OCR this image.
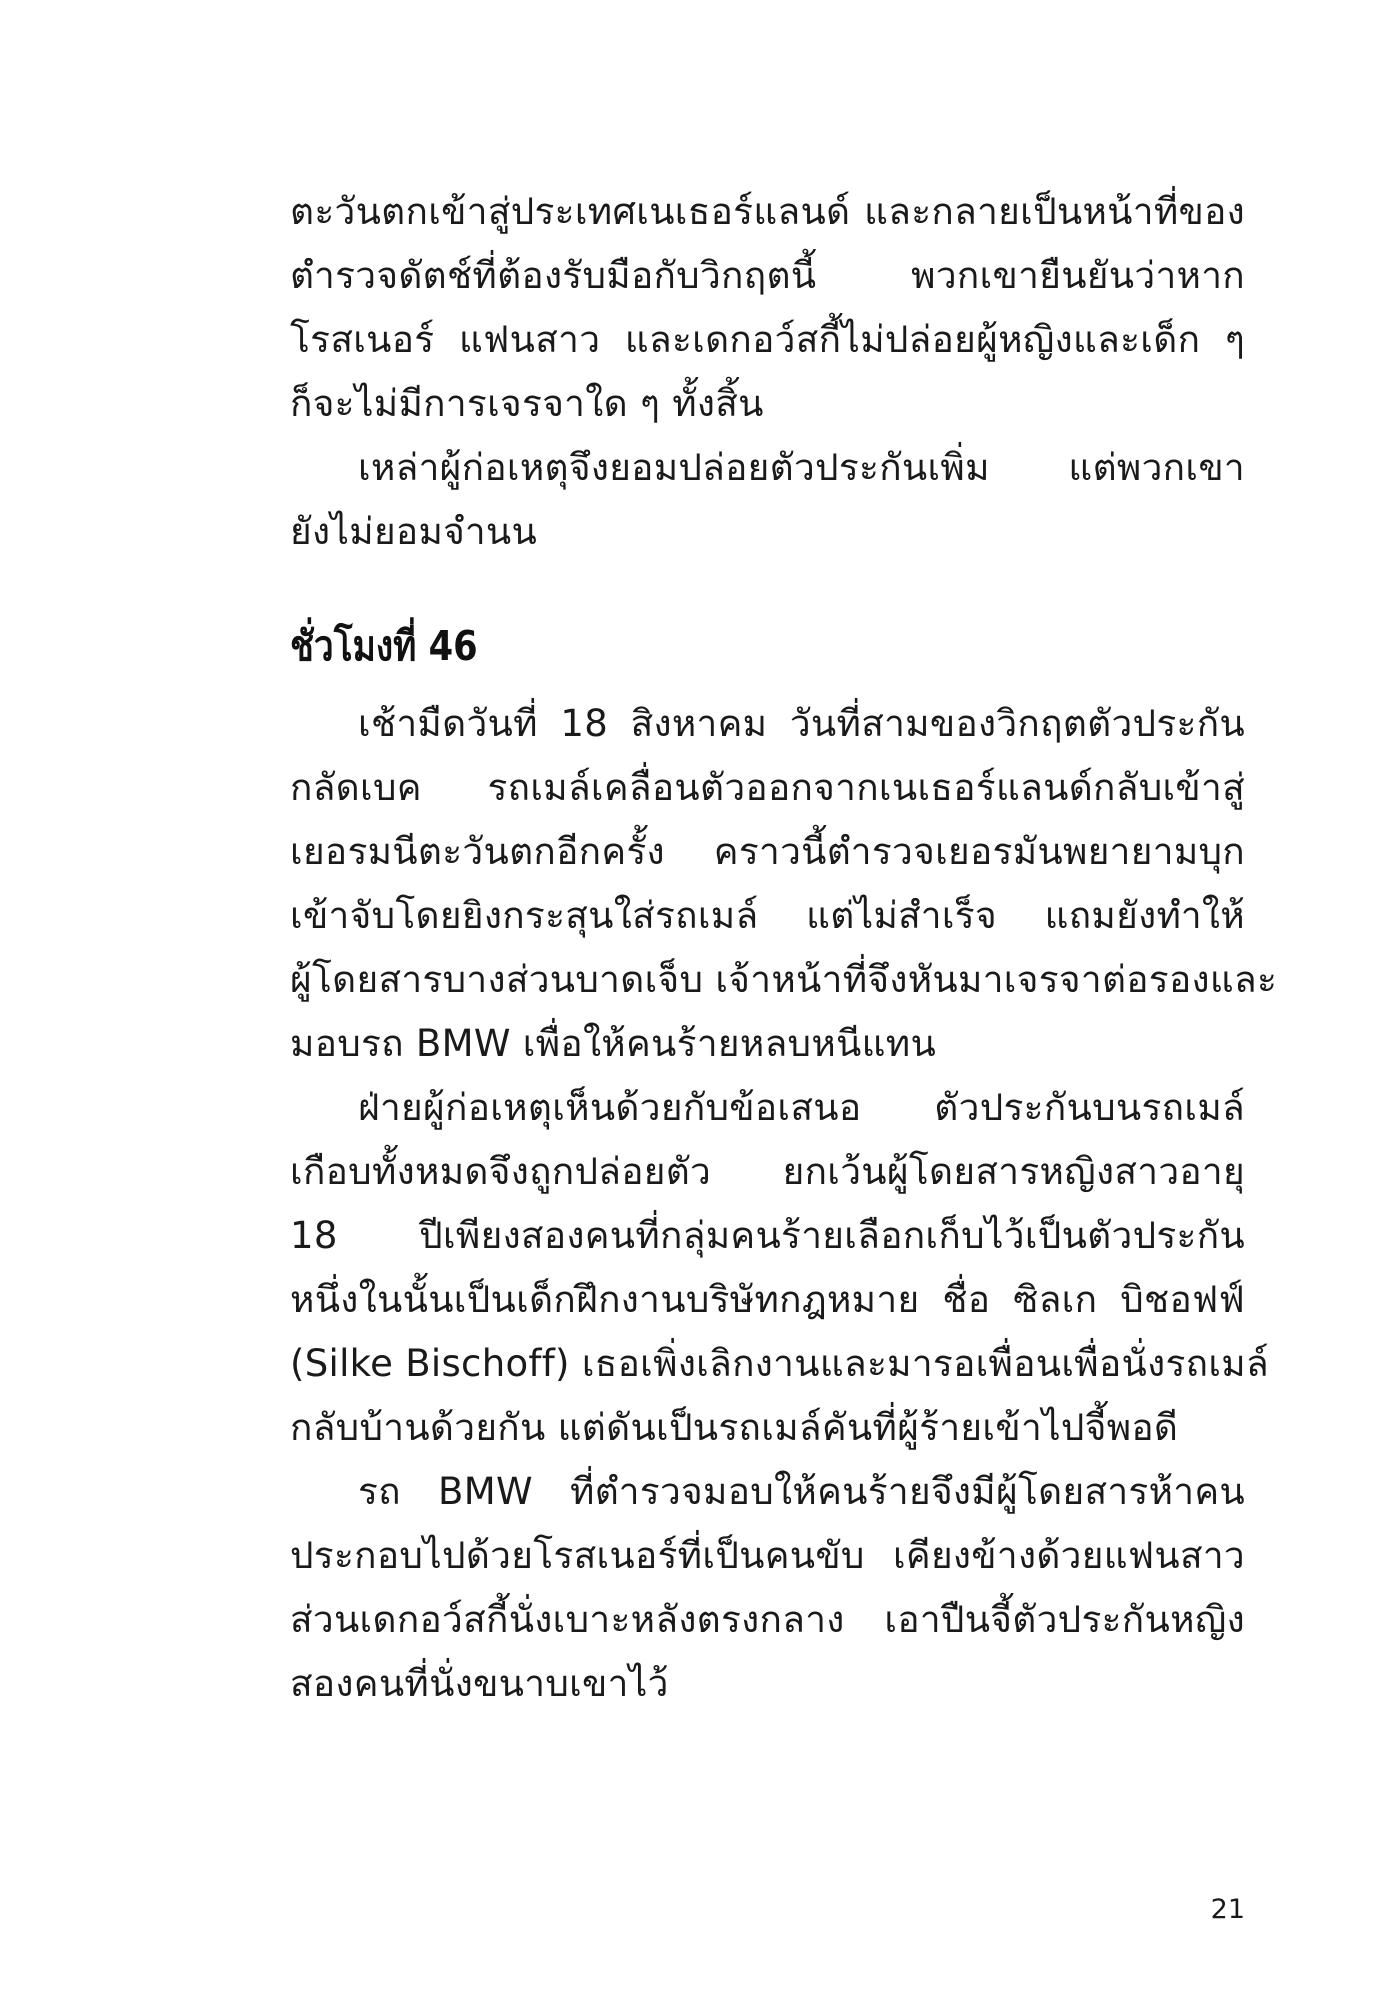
ตะวันตกเข้าสู่ประเทศเนเธอร์แลนด์ และกลายเป็นหน้าที่ของ
ตำรวจดัตช์ที่ต้องรับมือกับวิกฤตนี้ พวกเขายืนยันว่าหาก
โรสเนอร์ แฟนสาว และเดกอว์สกี้ไม่ปล่อยผู้หญิงและเด็ก ๆ
ก็จะไม่มีการเจรจาใด ๆ ทั้งสิ้น
เหล่าผู้ก่อเหตุจึงยอมปล่อยตัวประกันเพิ่ม แต่พวกเขา
ยังไม่ยอมจำนน
ชั่วโมงที่ 46
เช้ามืดวันที่ 18 สิงหาคม วันที่สามของวิกฤตตัวประกัน
กลัดเบค รถเมล์เคลื่อนตัวออกจากเนเธอร์แลนด์กลับเข้าสู่
เยอรมนีตะวันตกอีกครั้ง คราวนี้ตำรวจเยอรมันพยายามบุก
เข้าจับโดยยิงกระสุนใส่รถเมล์ แต่ไม่สำเร็จ แถมยังทำให้
ผู้โดยสารบางส่วนบาดเจ็บ เจ้าหน้าที่จึงหันมาเจรจาต่อรองและ
มอบรถ BMW เพื่อให้คนร้ายหลบหนีแทน
ฝ่ายผู้ก่อเหตุเห็นด้วยกับข้อเสนอ ตัวประกันบนรถเมล์
เกือบทั้งหมดจึงถูกปล่อยตัว ยกเว้นผู้โดยสารหญิงสาวอายุ
18 ปีเพียงสองคนที่กลุ่มคนร้ายเลือกเก็บไว้เป็นตัวประกัน
หนึ่งในนั้นเป็นเด็กฝึกงานบริษัทกฎหมาย ชื่อ ซิลเก บิชอฟฟ์
(Silke Bischoff) เธอเพิ่งเลิกงานและมารอเพื่อนเพื่อนั่งรถเมล์
กลับบ้านด้วยกัน แต่ดันเป็นรถเมล์คันที่ผู้ร้ายเข้าไปจี้พอดี
รถ BMW ที่ตำรวจมอบให้คนร้ายจึงมีผู้โดยสารห้าคน
ประกอบไปด้วยโรสเนอร์ที่เป็นคนขับ เคียงข้างด้วยแฟนสาว
ส่วนเดกอว์สกี้นั่งเบาะหลังตรงกลาง เอาปืนจี้ตัวประกันหญิง
สองคนที่นั่งขนาบเขาไว้
21
